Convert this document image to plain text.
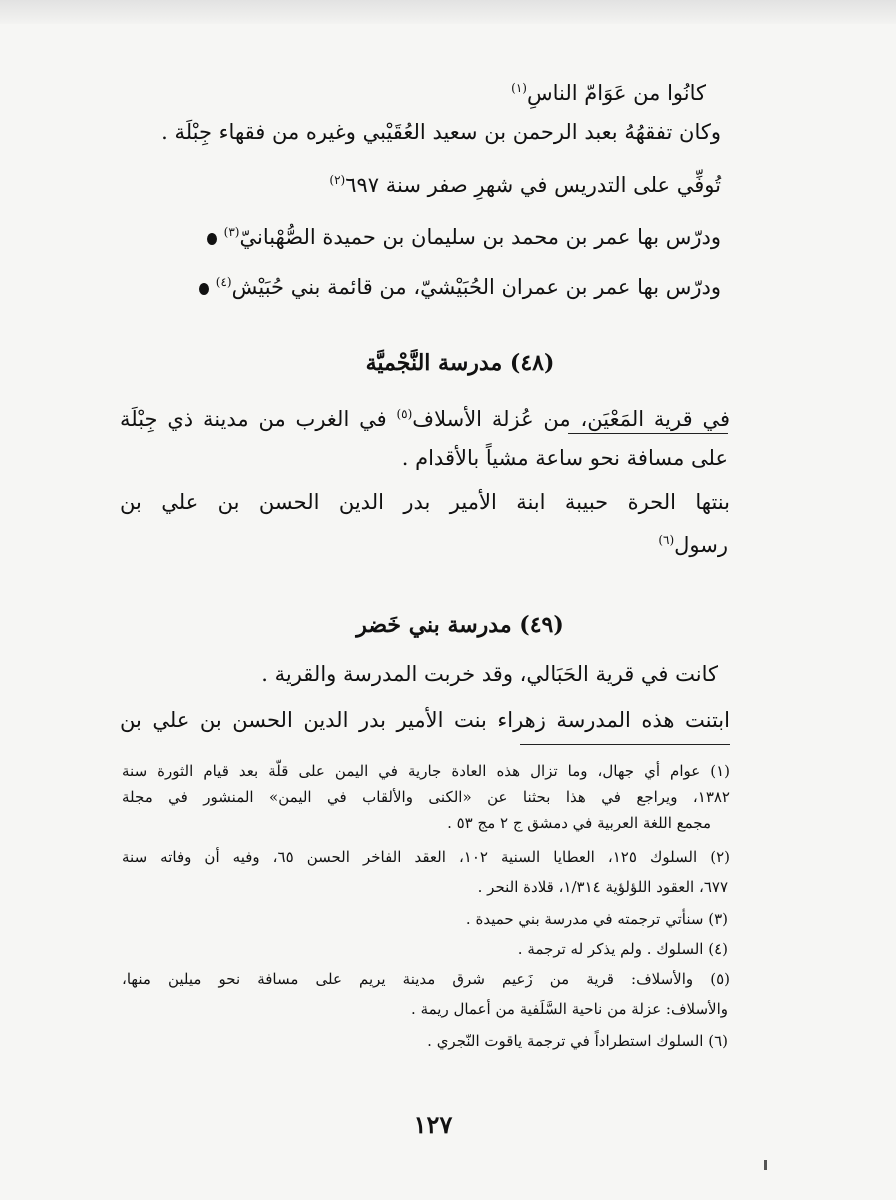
كانُوا من عَوَامّ الناسِ$^{(١)}$
وكان تفقهُهُ بعبد الرحمن بن سعيد العُقَيْبي وغيره من فقهاء جِبْلَة .
تُوفِّي على التدريس في شهرِ صفر سنة ٦٩٧$^{(٢)}$
ودرّس بها عمر بن محمد بن سليمان بن حميدة الصُّهْبانيّ$^{(٣)}$
ودرّس بها عمر بن عمران الحُبَيْشيّ، من قائمة بني حُبَيْش$^{(٤)}$
(٤٨) مدرسة النَّجْميَّة
في قرية المَعْيَن، من عُزلة الأسلاف$^{(٥)}$ في الغرب من مدينة ذي جِبْلَة
على مسافة نحو ساعة مشياً بالأقدام .
بنتها الحرة حبيبة ابنة الأمير بدر الدين الحسن بن علي بن
رسول$^{(٦)}$
(٤٩) مدرسة بني خَضر
كانت في قرية الحَبَالي، وقد خربت المدرسة والقرية .
ابتنت هذه المدرسة زهراء بنت الأمير بدر الدين الحسن بن علي بن
(١) عوام أي جهال، وما تزال هذه العادة جارية في اليمن على قلّة بعد قيام الثورة سنة
١٣٨٢، ويراجع في هذا بحثنا عن «الكنى والألقاب في اليمن» المنشور في مجلة
مجمع اللغة العربية في دمشق ج ٢ مج ٥٣ .
(٢) السلوك ١٢٥، العطايا السنية ١٠٢، العقد الفاخر الحسن ٦٥، وفيه أن وفاته سنة
٦٧٧، العقود اللؤلؤية ١/٣١٤، قلادة النحر .
(٣) سنأتي ترجمته في مدرسة بني حميدة .
(٤) السلوك . ولم يذكر له ترجمة .
(٥) والأسلاف: قرية من زَعيم شرق مدينة يريم على مسافة نحو ميلين منها،
والأسلاف: عزلة من ناحية السَّلَفية من أعمال ريمة .
(٦) السلوك استطراداً في ترجمة ياقوت النّجري .
١٢٧
